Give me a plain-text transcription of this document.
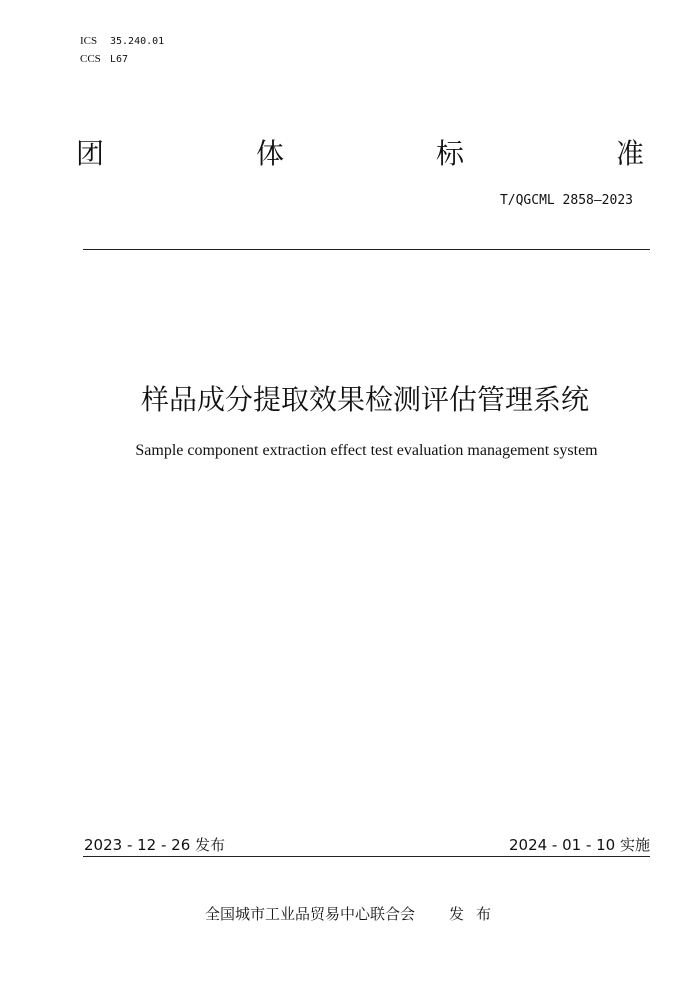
ICS 35.240.01
CCS L67
团	体	标	准
T/QGCML 2858—2023
样品成分提取效果检测评估管理系统
Sample component extraction effect test evaluation management system
2023 - 12 - 26 发布	2024 - 01 - 10 实施
全国城市工业品贸易中心联合会 发布
